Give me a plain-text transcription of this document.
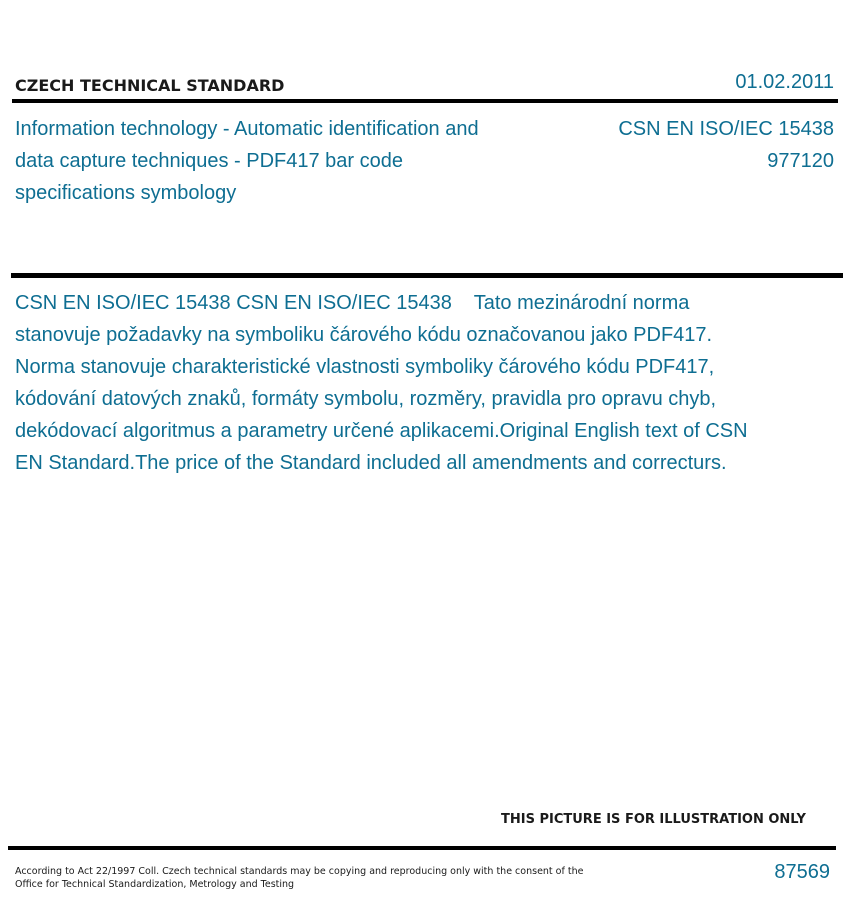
CZECH TECHNICAL STANDARD	01.02.2011
Information technology - Automatic identification and data capture techniques - PDF417 bar code specifications symbology
CSN EN ISO/IEC 15438
977120
CSN EN ISO/IEC 15438 CSN EN ISO/IEC 15438    Tato mezinárodní norma stanovuje požadavky na symboliku čárového kódu označovanou jako PDF417. Norma stanovuje charakteristické vlastnosti symboliky čárového kódu PDF417, kódování datových znaků, formáty symbolu, rozměry, pravidla pro opravu chyb, dekódovací algoritmus a parametry určené aplikacemi.Original English text of CSN EN Standard.The price of the Standard included all amendments and correcturs.
THIS PICTURE IS FOR ILLUSTRATION ONLY
According to Act 22/1997 Coll. Czech technical standards may be copying and reproducing only with the consent of the Office for Technical Standardization, Metrology and Testing
87569
